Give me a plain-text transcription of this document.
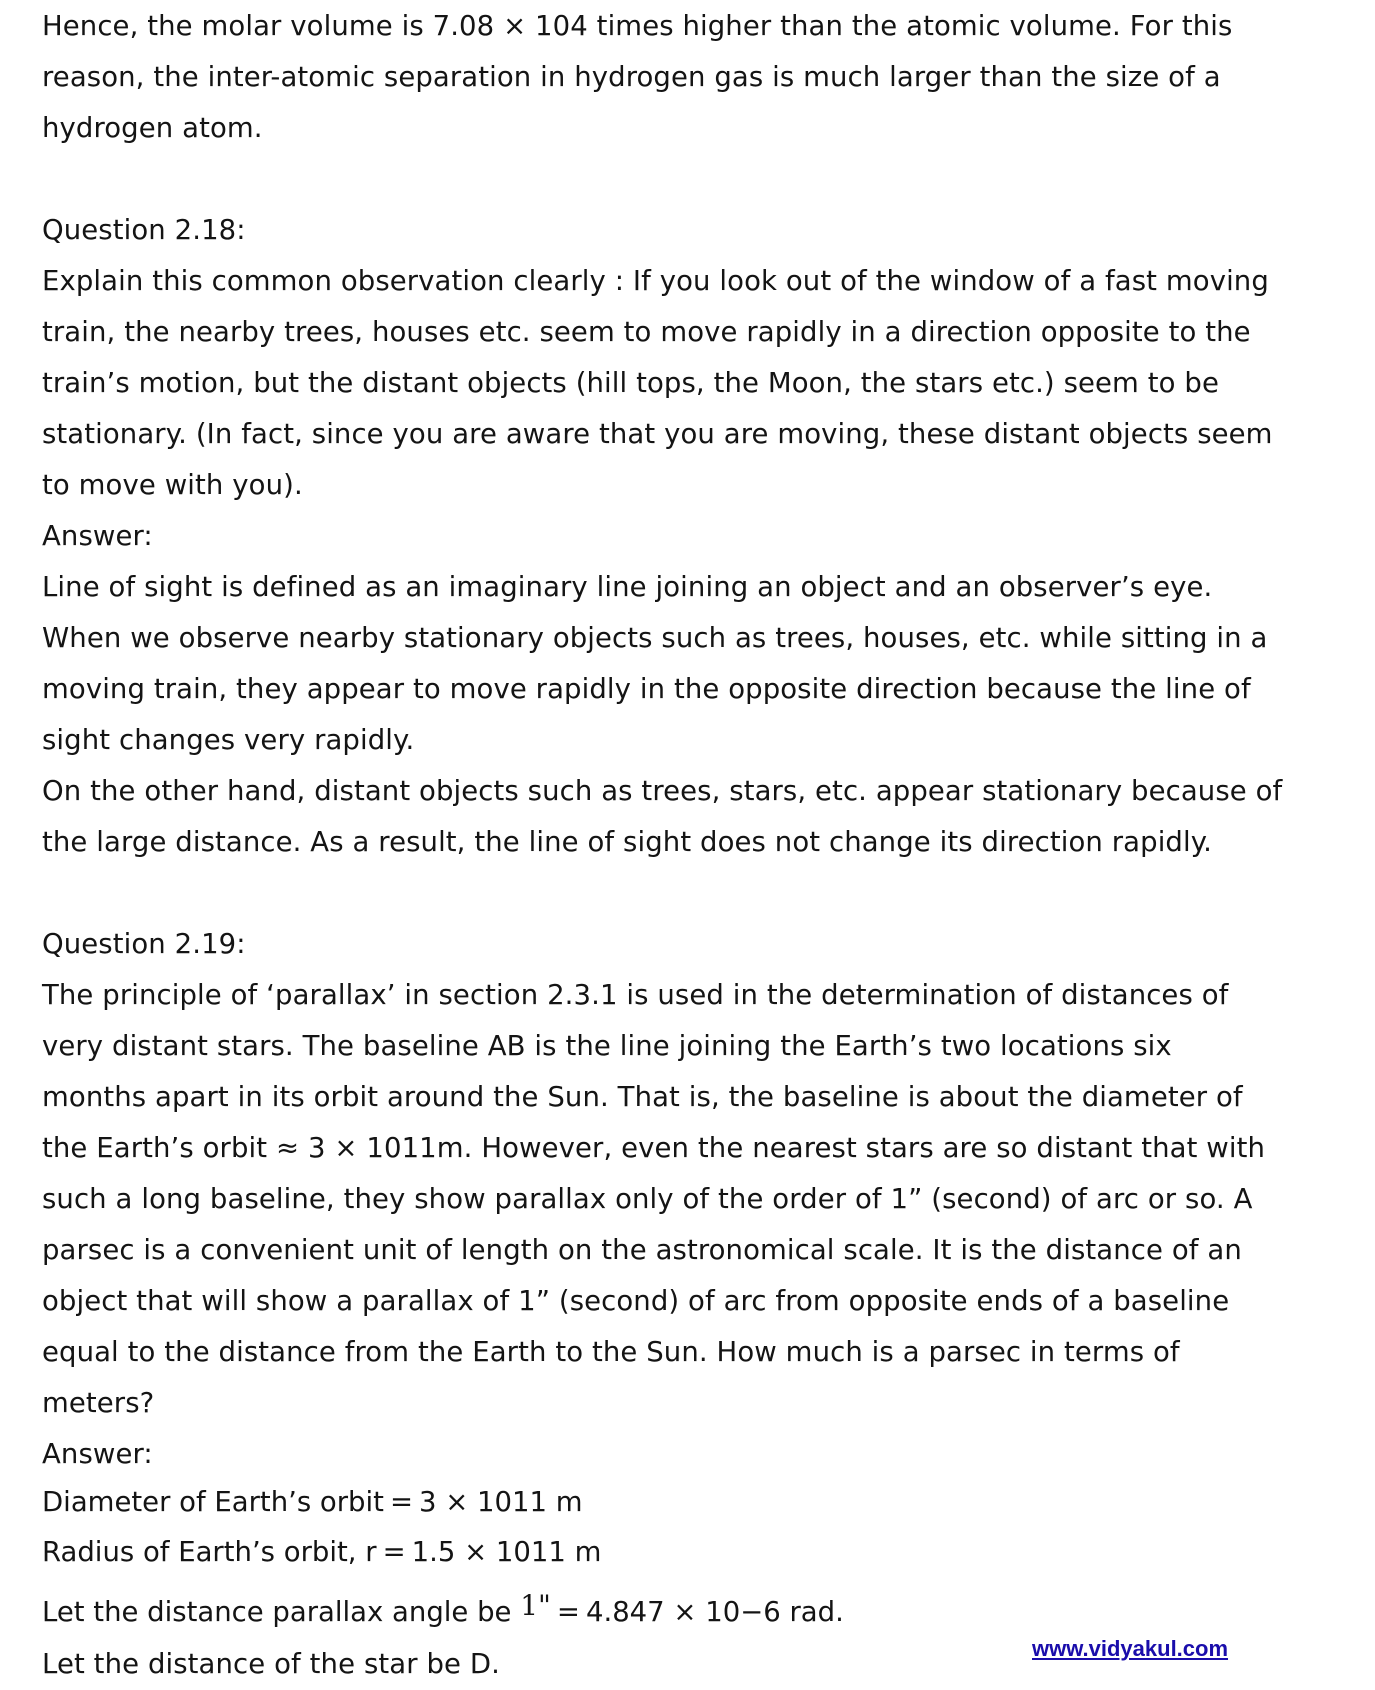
Hence, the molar volume is 7.08 × 104 times higher than the atomic volume. For this

reason, the inter-atomic separation in hydrogen gas is much larger than the size of a

hydrogen atom.

Question 2.18:

Explain this common observation clearly : If you look out of the window of a fast moving

train, the nearby trees, houses etc. seem to move rapidly in a direction opposite to the

train’s motion, but the distant objects (hill tops, the Moon, the stars etc.) seem to be

stationary. (In fact, since you are aware that you are moving, these distant objects seem

to move with you).

Answer:

Line of sight is defined as an imaginary line joining an object and an observer’s eye.

When we observe nearby stationary objects such as trees, houses, etc. while sitting in a

moving train, they appear to move rapidly in the opposite direction because the line of

sight changes very rapidly.

On the other hand, distant objects such as trees, stars, etc. appear stationary because of

the large distance. As a result, the line of sight does not change its direction rapidly.

Question 2.19:

The principle of ‘parallax’ in section 2.3.1 is used in the determination of distances of

very distant stars. The baseline AB is the line joining the Earth’s two locations six

months apart in its orbit around the Sun. That is, the baseline is about the diameter of

the Earth’s orbit ≈ 3 × 1011m. However, even the nearest stars are so distant that with

such a long baseline, they show parallax only of the order of 1” (second) of arc or so. A

parsec is a convenient unit of length on the astronomical scale. It is the distance of an

object that will show a parallax of 1” (second) of arc from opposite ends of a baseline

equal to the distance from the Earth to the Sun. How much is a parsec in terms of

meters?

Answer:

Diameter of Earth’s orbit = 3 × 1011 m

Radius of Earth’s orbit, r = 1.5 × 1011 m

Let the distance parallax angle be 1" = 4.847 × 10−6 rad.

Let the distance of the star be D.	www.vidyakul.com
